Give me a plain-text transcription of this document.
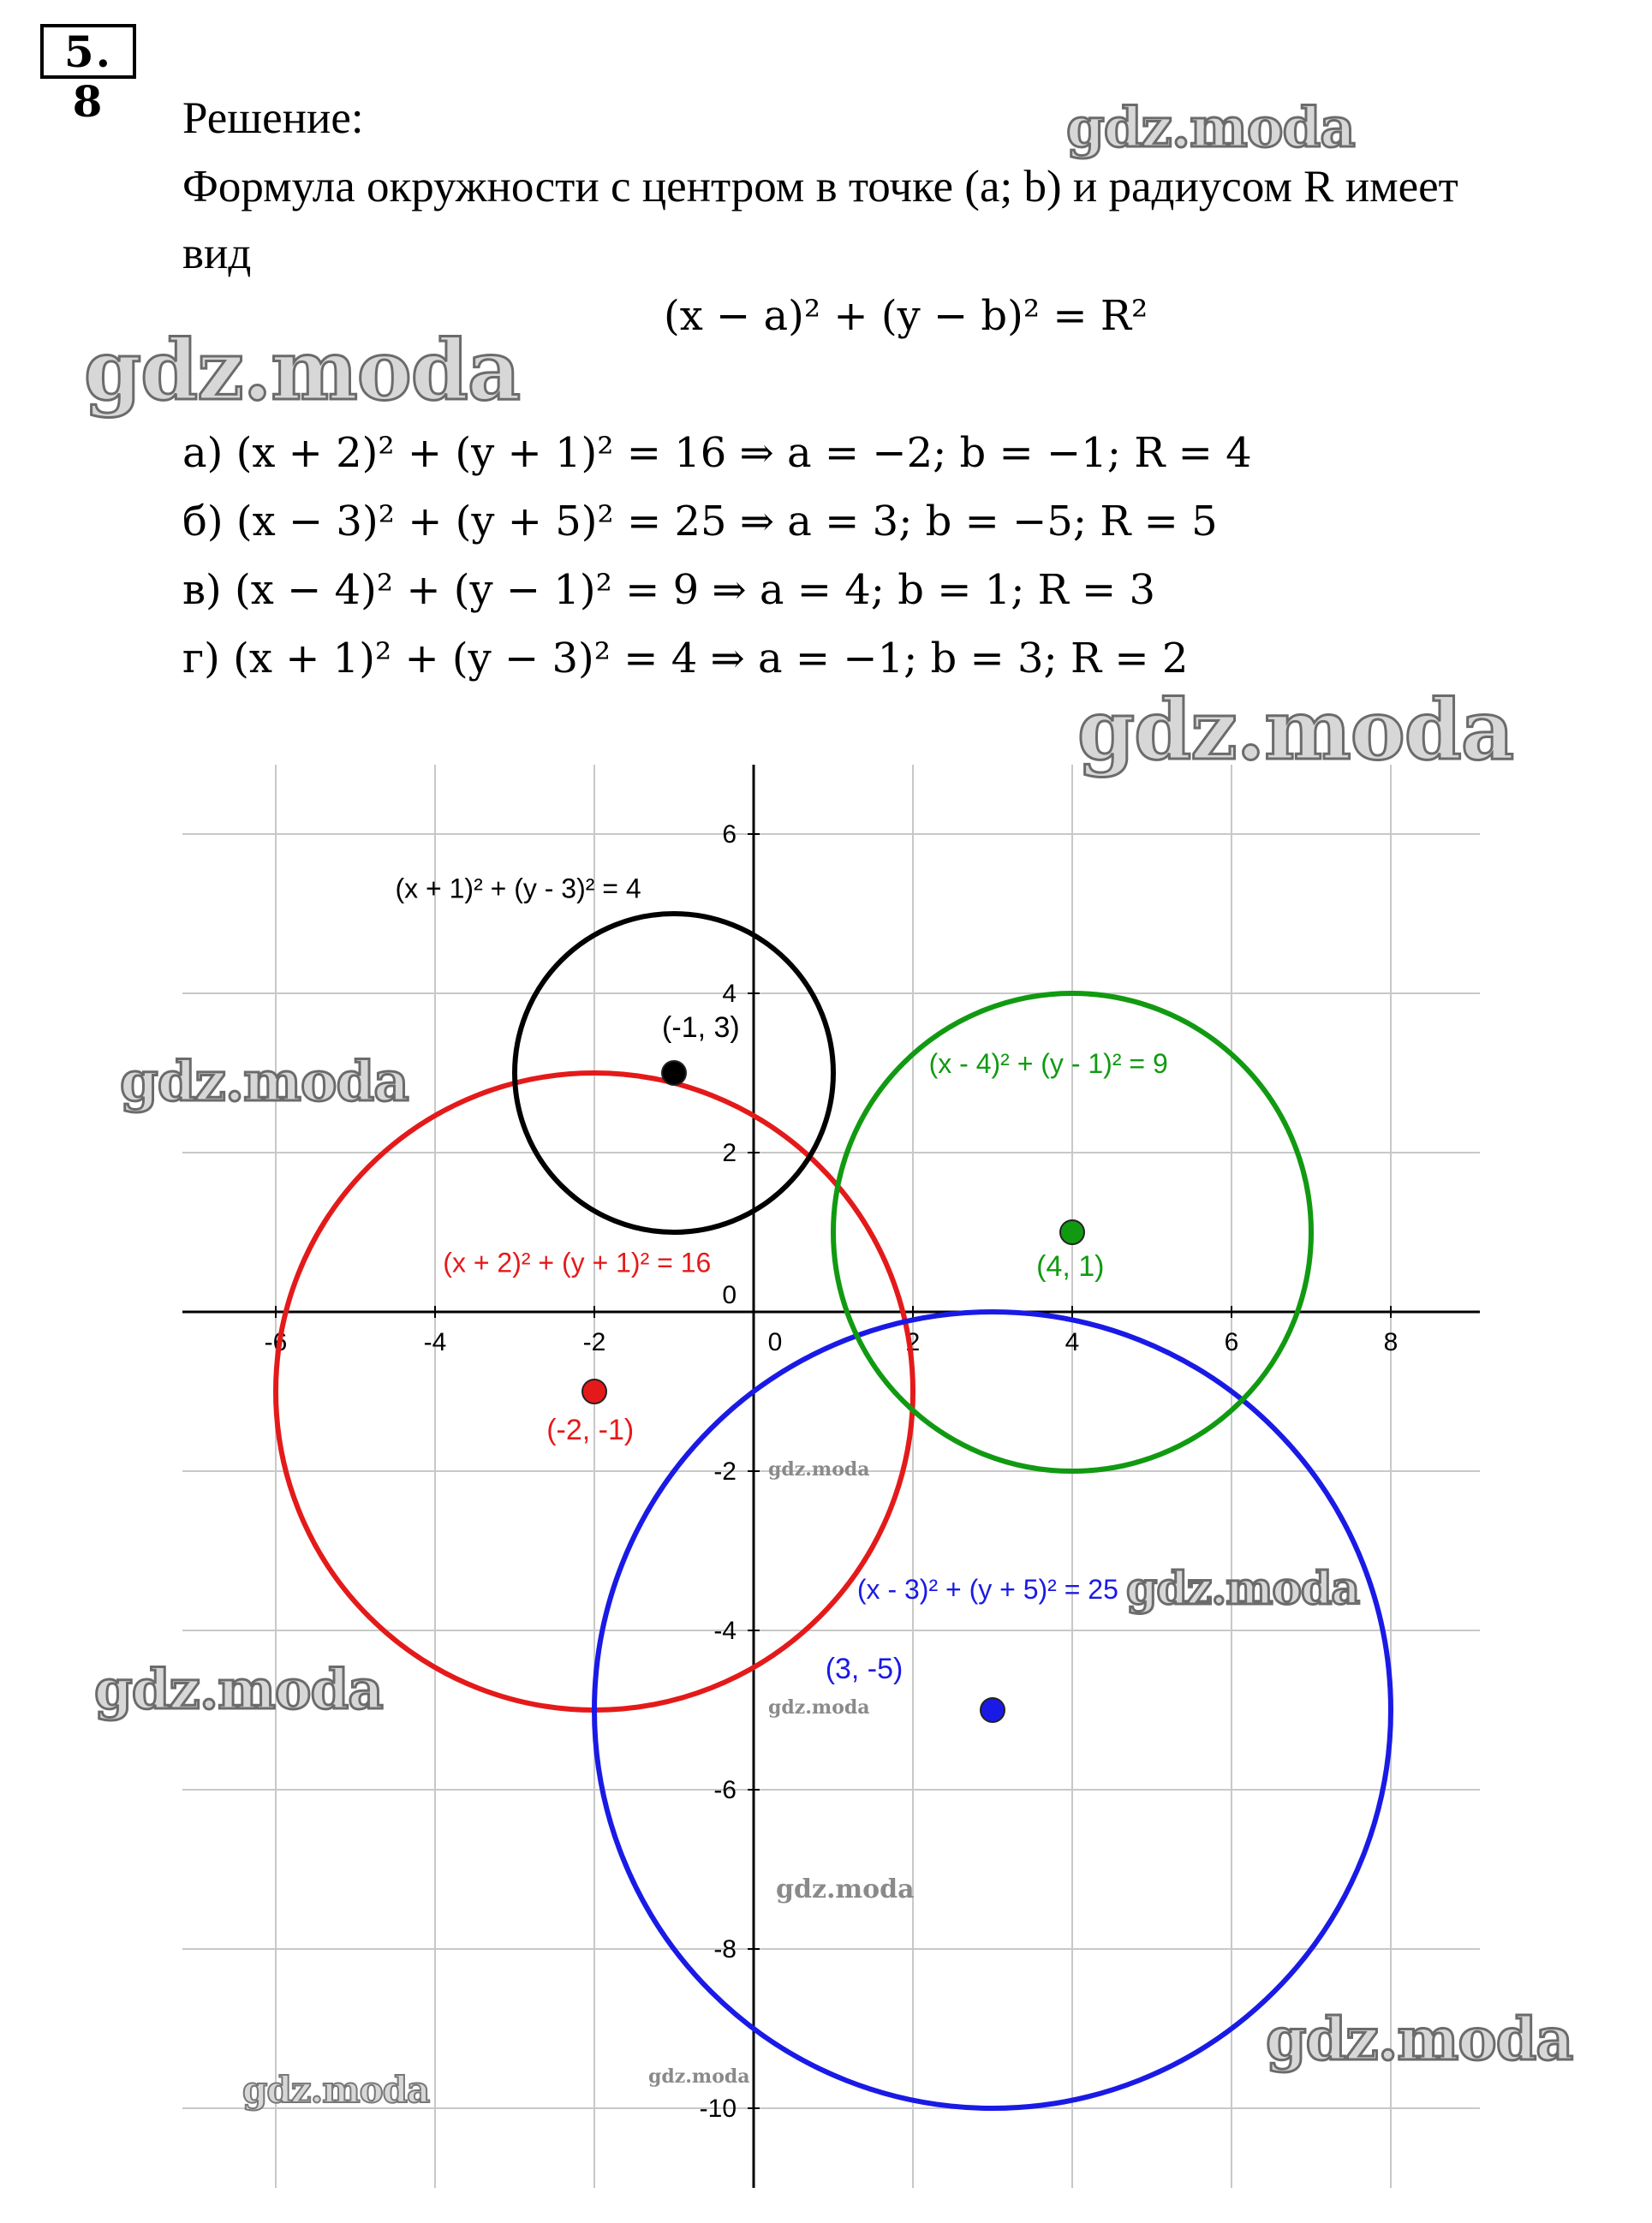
5. 8	Решение:
Формула окружности с центром в точке (a; b) и радиусом R имеет
вид
(x − a)² + (y − b)² = R²
а) (x + 2)² + (y + 1)² = 16 ⇒ a = −2; b = −1; R = 4
б) (x − 3)² + (y + 5)² = 25 ⇒ a = 3; b = −5; R = 5
в) (x − 4)² + (y − 1)² = 9 ⇒ a = 4; b = 1; R = 3
г) (x + 1)² + (y − 3)² = 4 ⇒ a = −1; b = 3; R = 2
-6	-4	-2	0	2	4	6	8
6
4
2
0
-2
-4
-6
-8
-10
(x + 2)² + (y + 1)² = 16
(-2, -1)
(x - 3)² + (y + 5)² = 25
(3, -5)
(x - 4)² + (y - 1)² = 9
(4, 1)
(x + 1)² + (y - 3)² = 4
(-1, 3)
gdz.moda
gdz.moda
gdz.moda
gdz.moda
gdz.moda
gdz.moda
gdz.moda
gdz.moda
gdz.moda
gdz.moda
gdz.moda
gdz.moda
